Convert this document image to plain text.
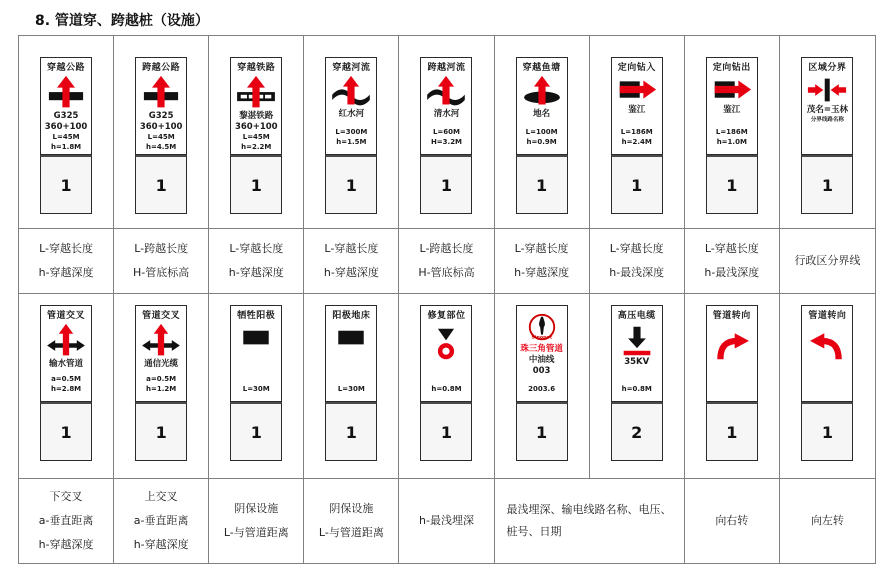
8. 管道穿、跨越桩（设施）
穿越公路
G325
360+100
L=45M
h=1.8M
1
跨越公路
G325
360+100
L=45M
h=4.5M
1
穿越铁路
黎湛铁路
360+100
L=45M
h=2.2M
1
穿越河流
红水河
L=300M
h=1.5M
1
跨越河流
清水河
L=60M
H=3.2M
1
穿越鱼塘
地名
L=100M
h=0.9M
1
定向钻入
鉴江
L=186M
h=2.4M
1
定向钻出
鉴江
L=186M
h=1.0M
1
区域分界
茂名=玉林
分界线路名称
1
L-穿越长度
h-穿越深度
L-跨越长度
H-管底标高
L-穿越长度
h-穿越深度
L-穿越长度
h-穿越深度
L-跨越长度
H-管底标高
L-穿越长度
h-穿越深度
L-穿越长度
h-最浅深度
L-穿越长度
h-最浅深度
行政区分界线
管道交叉
输水管道
a=0.5M
h=2.8M
1
管道交叉
通信光缆
a=0.5M
h=1.2M
1
牺牲阳极
L=30M
1
阳极地床
L=30M
1
修复部位
h=0.8M
1
Sinopec
珠三角管道
中油线
003
2003.6
1
高压电缆
35KV
h=0.8M
2
管道转向
1
管道转向
1
下交叉
a-垂直距离
h-穿越深度
上交叉
a-垂直距离
h-穿越深度
阴保设施
L-与管道距离
阴保设施
L-与管道距离
h-最浅埋深
最浅埋深、输电线路名称、电压、桩号、日期
向右转	向左转
